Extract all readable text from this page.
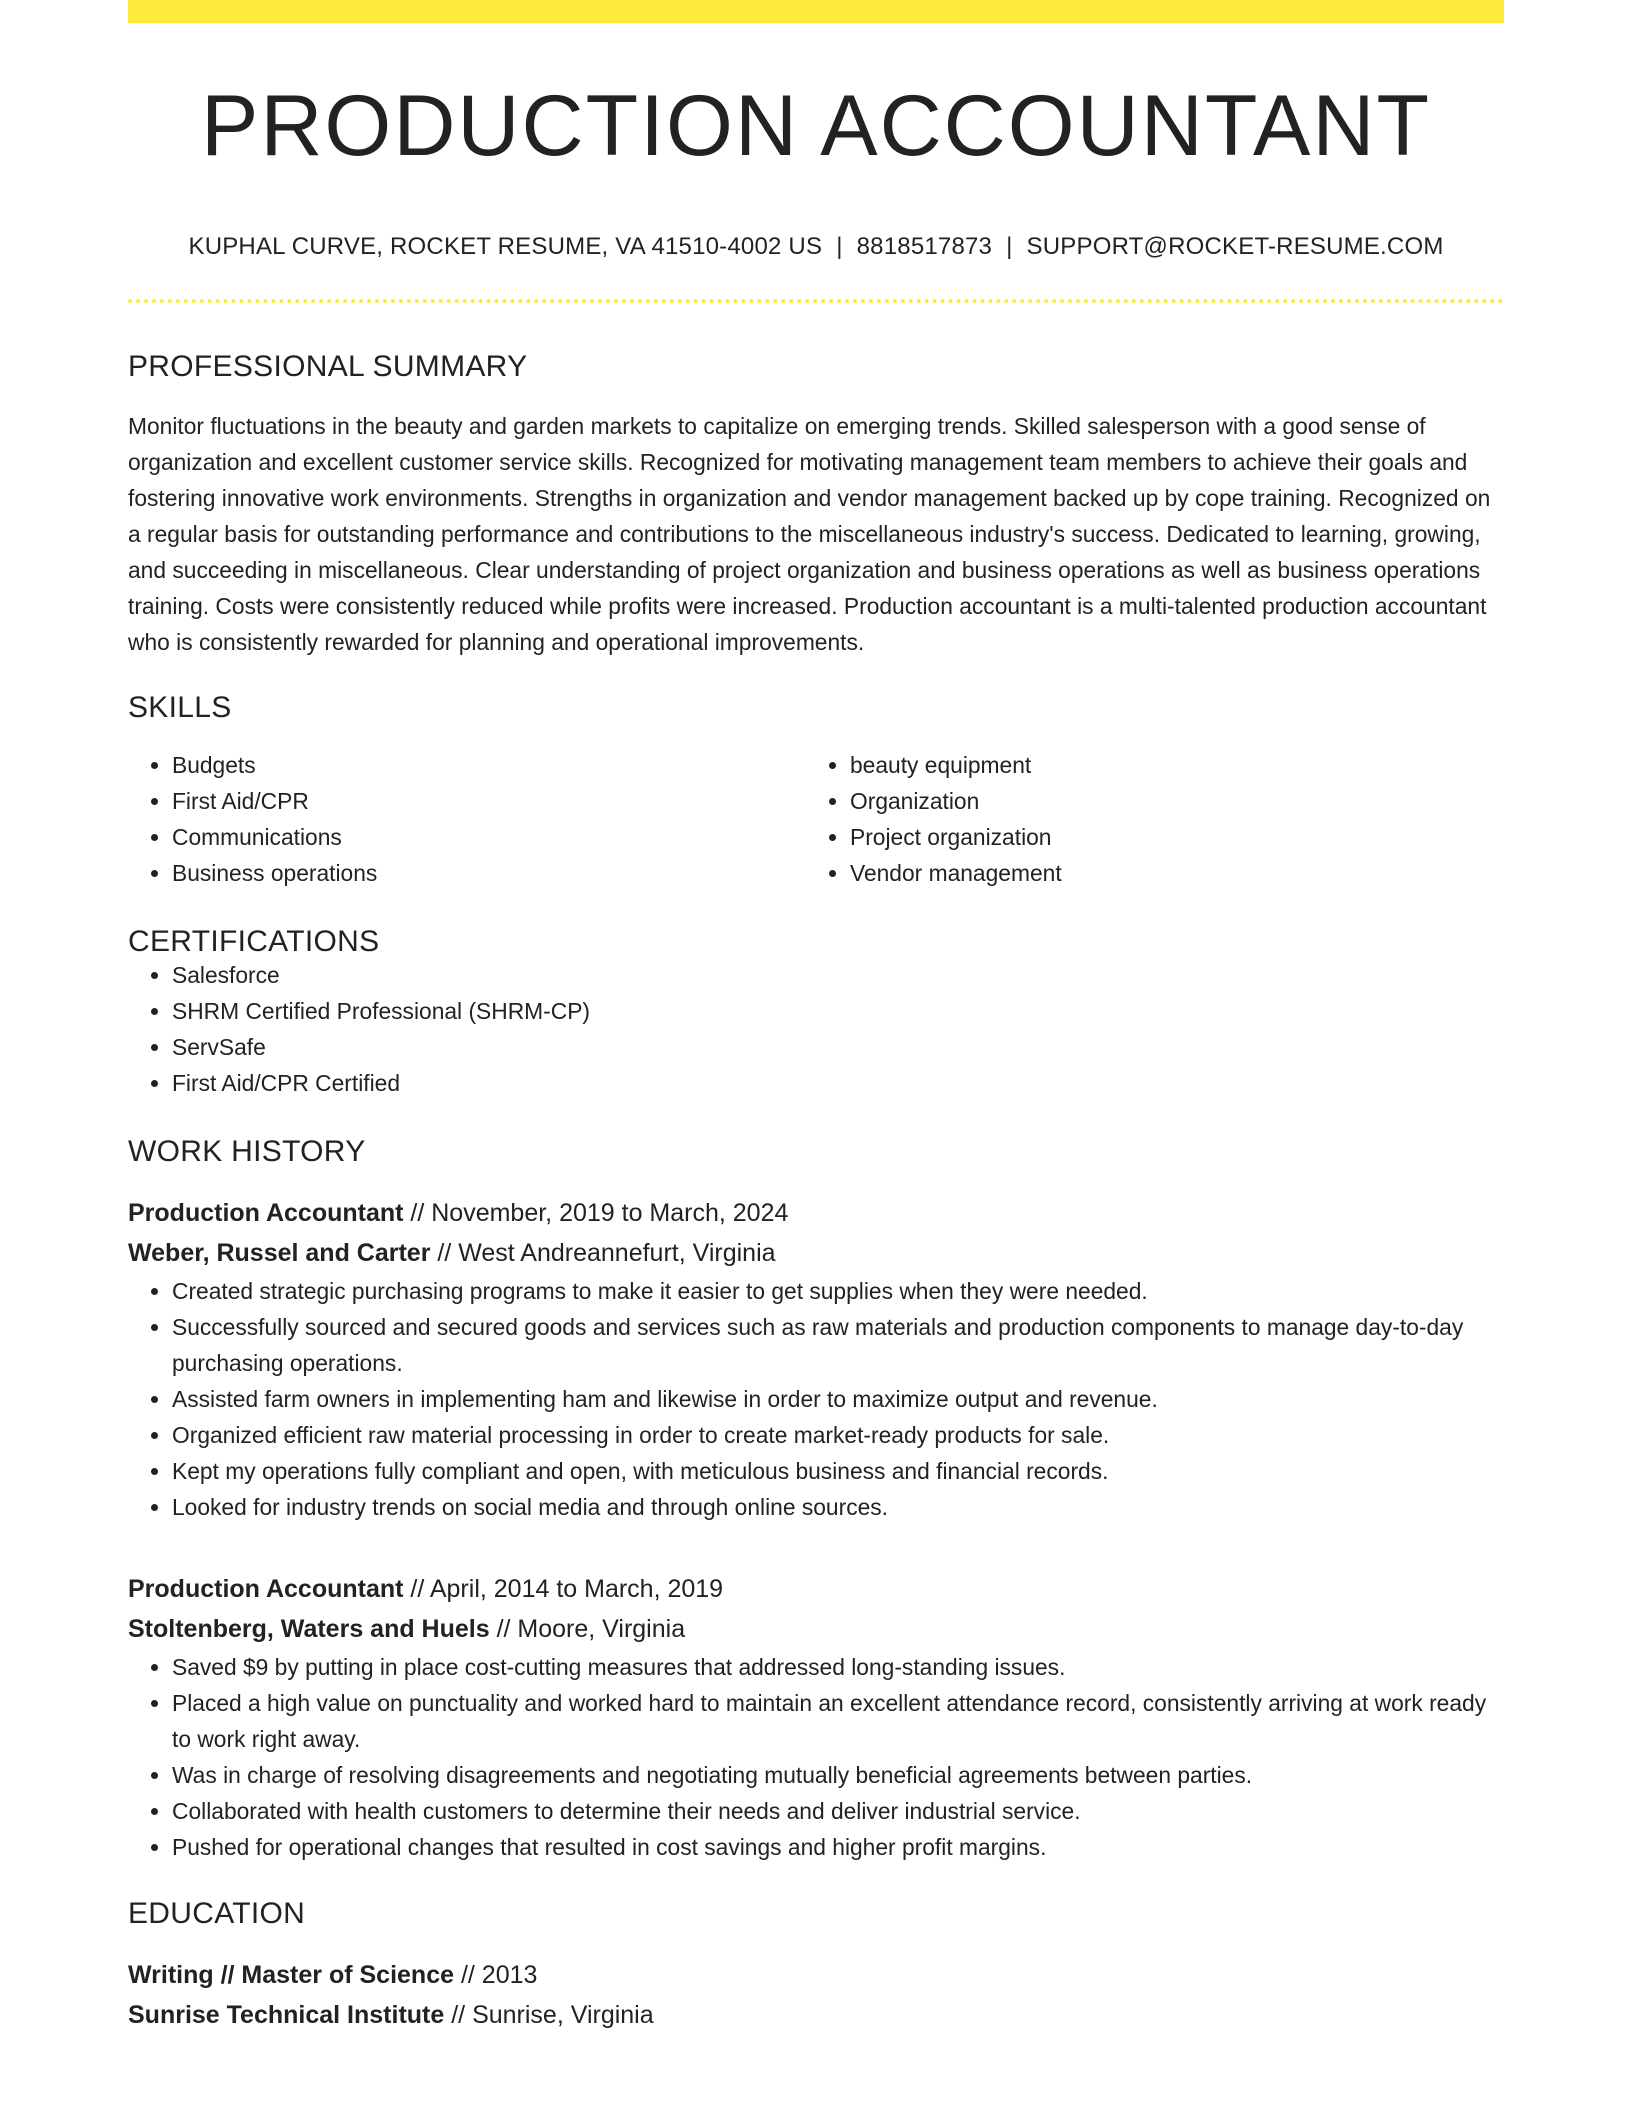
PRODUCTION ACCOUNTANT
KUPHAL CURVE, ROCKET RESUME, VA 41510-4002 US | 8818517873 | SUPPORT@ROCKET-RESUME.COM
PROFESSIONAL SUMMARY
Monitor fluctuations in the beauty and garden markets to capitalize on emerging trends. Skilled salesperson with a good sense of organization and excellent customer service skills. Recognized for motivating management team members to achieve their goals and fostering innovative work environments. Strengths in organization and vendor management backed up by cope training. Recognized on a regular basis for outstanding performance and contributions to the miscellaneous industry's success. Dedicated to learning, growing, and succeeding in miscellaneous. Clear understanding of project organization and business operations as well as business operations training. Costs were consistently reduced while profits were increased. Production accountant is a multi-talented production accountant who is consistently rewarded for planning and operational improvements.
SKILLS
• Budgets
• First Aid/CPR
• Communications
• Business operations
• beauty equipment
• Organization
• Project organization
• Vendor management
CERTIFICATIONS
• Salesforce
• SHRM Certified Professional (SHRM-CP)
• ServSafe
• First Aid/CPR Certified
WORK HISTORY
Production Accountant // November, 2019 to March, 2024
Weber, Russel and Carter // West Andreannefurt, Virginia
• Created strategic purchasing programs to make it easier to get supplies when they were needed.
• Successfully sourced and secured goods and services such as raw materials and production components to manage day-to-day purchasing operations.
• Assisted farm owners in implementing ham and likewise in order to maximize output and revenue.
• Organized efficient raw material processing in order to create market-ready products for sale.
• Kept my operations fully compliant and open, with meticulous business and financial records.
• Looked for industry trends on social media and through online sources.
Production Accountant // April, 2014 to March, 2019
Stoltenberg, Waters and Huels // Moore, Virginia
• Saved $9 by putting in place cost-cutting measures that addressed long-standing issues.
• Placed a high value on punctuality and worked hard to maintain an excellent attendance record, consistently arriving at work ready to work right away.
• Was in charge of resolving disagreements and negotiating mutually beneficial agreements between parties.
• Collaborated with health customers to determine their needs and deliver industrial service.
• Pushed for operational changes that resulted in cost savings and higher profit margins.
EDUCATION
Writing // Master of Science // 2013
Sunrise Technical Institute // Sunrise, Virginia
